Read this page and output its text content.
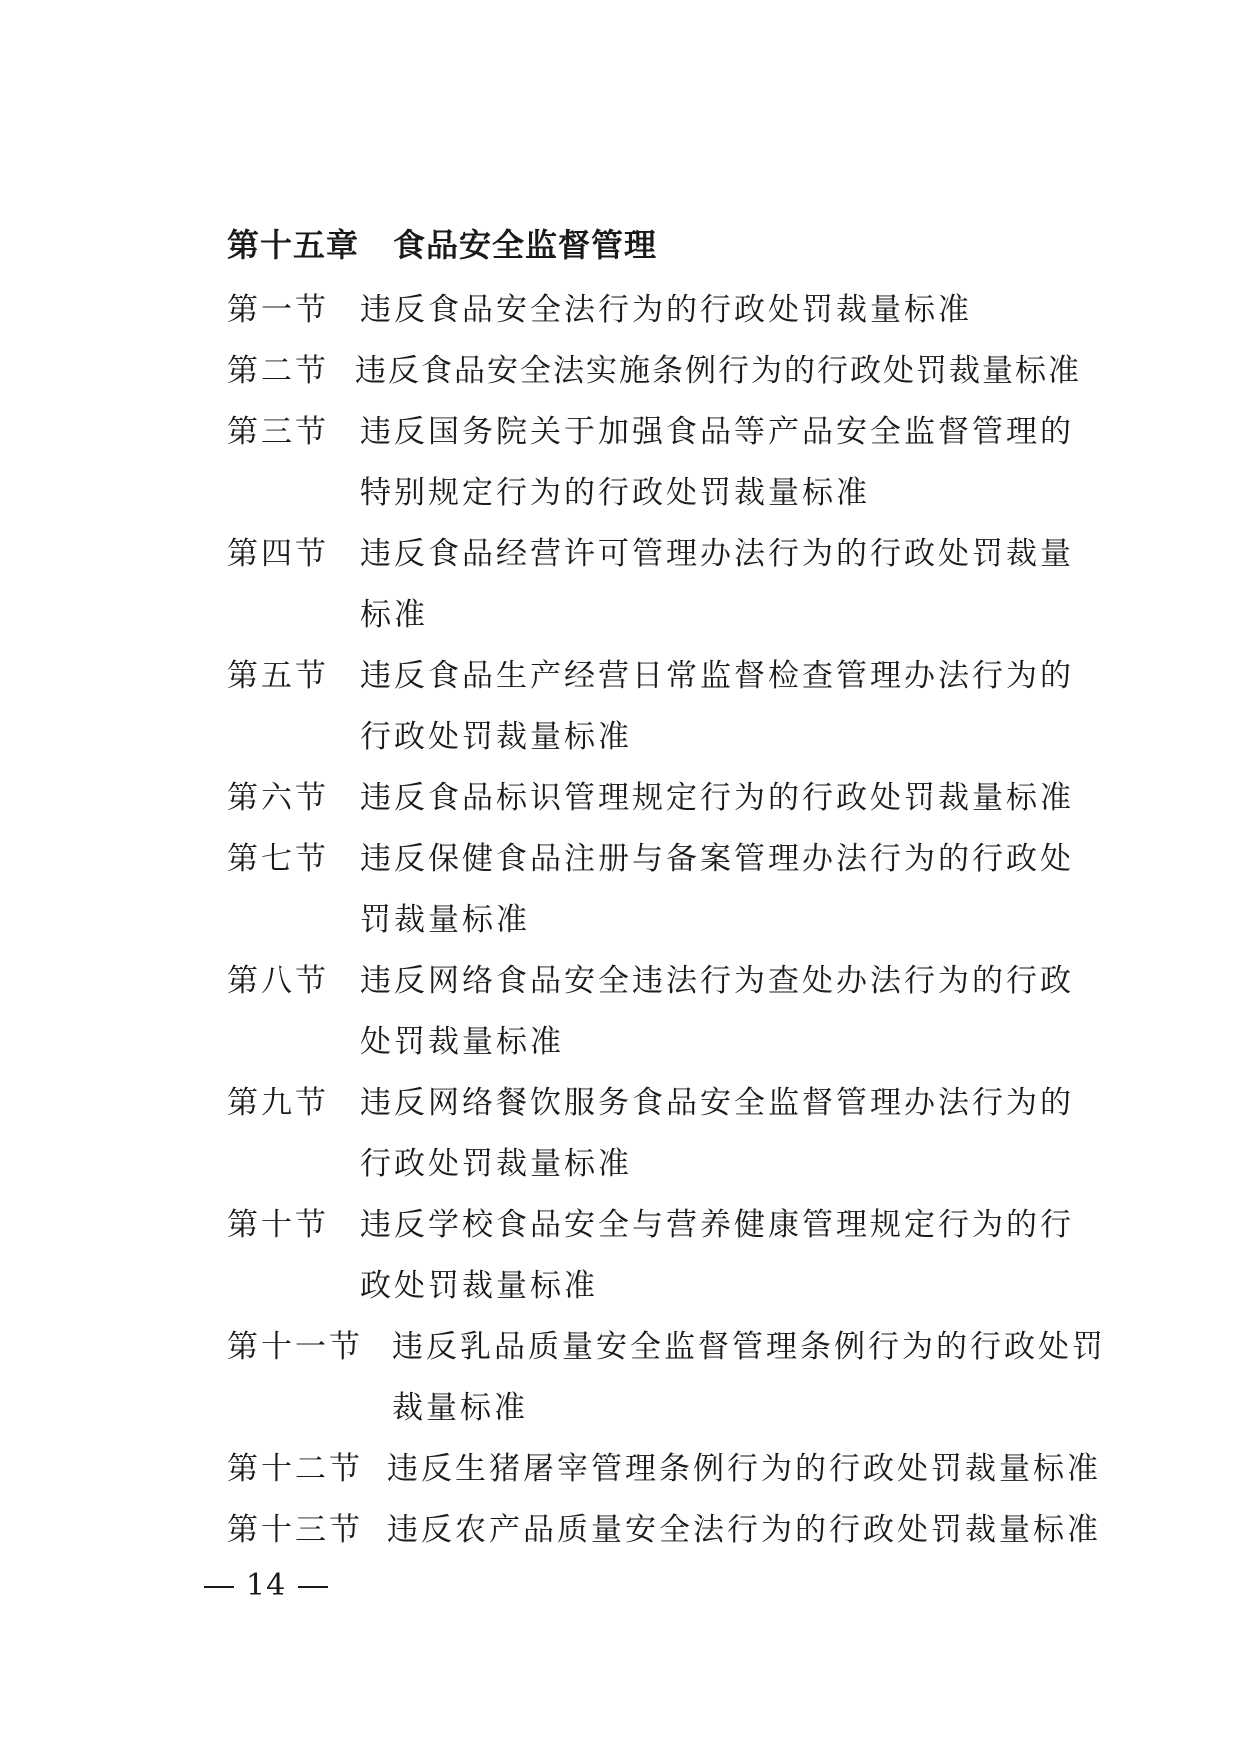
第十五章 食品安全监督管理
第一节	违反食品安全法行为的行政处罚裁量标准
第二节 违反食品安全法实施条例行为的行政处罚裁量标准
第三节	违反国务院关于加强食品等产品安全监督管理的特别规定行为的行政处罚裁量标准
第四节	违反食品经营许可管理办法行为的行政处罚裁量标准
第五节	违反食品生产经营日常监督检查管理办法行为的行政处罚裁量标准
第六节	违反食品标识管理规定行为的行政处罚裁量标准
第七节	违反保健食品注册与备案管理办法行为的行政处罚裁量标准
第八节	违反网络食品安全违法行为查处办法行为的行政处罚裁量标准
第九节	违反网络餐饮服务食品安全监督管理办法行为的行政处罚裁量标准
第十节	违反学校食品安全与营养健康管理规定行为的行政处罚裁量标准
第十一节 违反乳品质量安全监督管理条例行为的行政处罚裁量标准
第十二节 违反生猪屠宰管理条例行为的行政处罚裁量标准
第十三节 违反农产品质量安全法行为的行政处罚裁量标准
14
